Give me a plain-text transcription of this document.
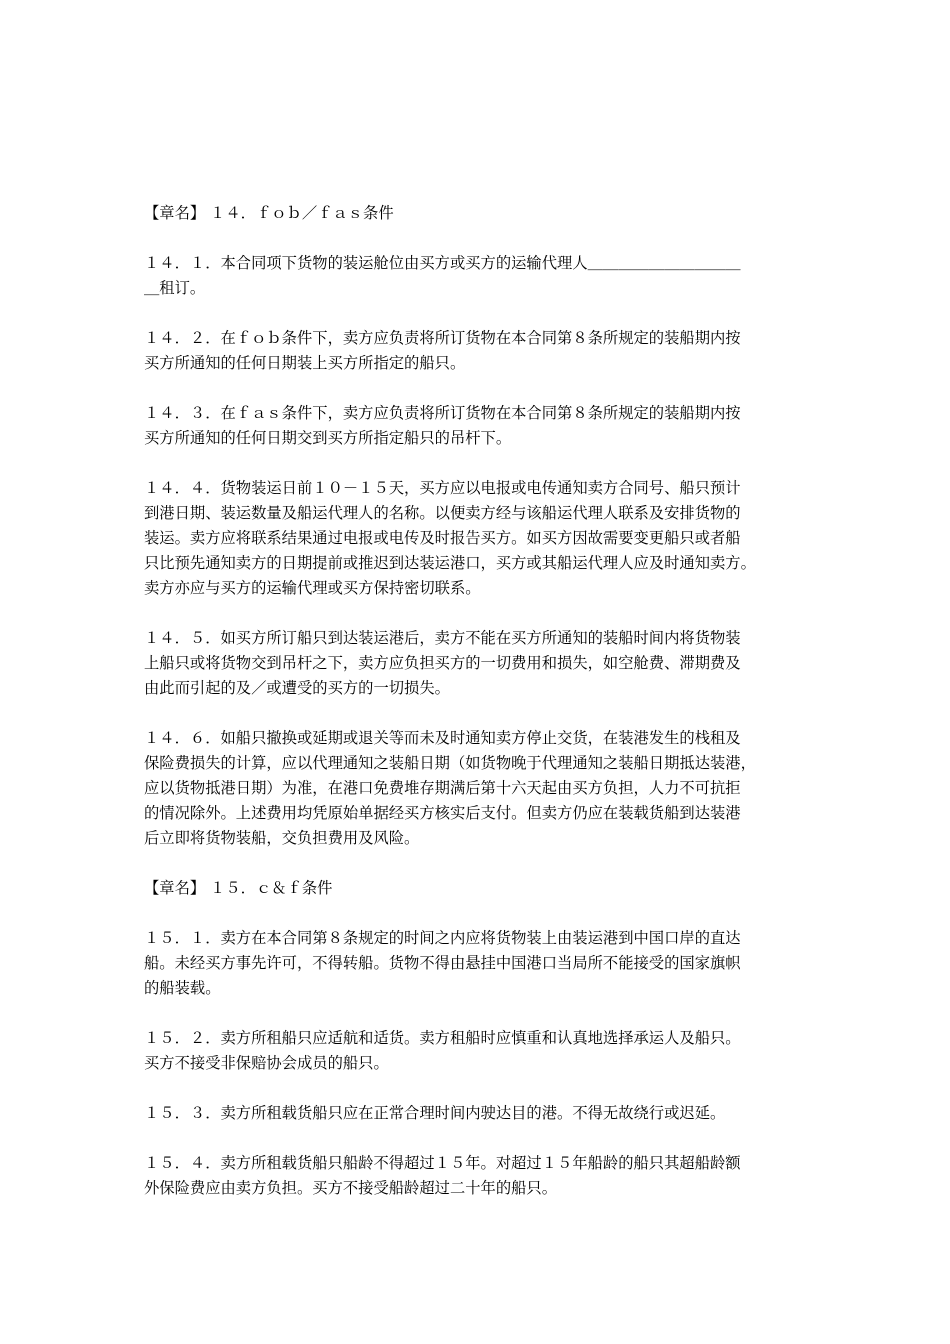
【章名】 １４．ｆｏｂ／ｆａｓ条件
１４．１．本合同项下货物的装运舱位由买方或买方的运输代理人＿＿＿＿＿＿＿＿＿＿
＿租订。
１４．２．在ｆｏｂ条件下，卖方应负责将所订货物在本合同第８条所规定的装船期内按
买方所通知的任何日期装上买方所指定的船只。
１４．３．在ｆａｓ条件下，卖方应负责将所订货物在本合同第８条所规定的装船期内按
买方所通知的任何日期交到买方所指定船只的吊杆下。
１４．４．货物装运日前１０－１５天，买方应以电报或电传通知卖方合同号、船只预计
到港日期、装运数量及船运代理人的名称。以便卖方经与该船运代理人联系及安排货物的
装运。卖方应将联系结果通过电报或电传及时报告买方。如买方因故需要变更船只或者船
只比预先通知卖方的日期提前或推迟到达装运港口，买方或其船运代理人应及时通知卖方。
卖方亦应与买方的运输代理或买方保持密切联系。
１４．５．如买方所订船只到达装运港后，卖方不能在买方所通知的装船时间内将货物装
上船只或将货物交到吊杆之下，卖方应负担买方的一切费用和损失，如空舱费、滞期费及
由此而引起的及／或遭受的买方的一切损失。
１４．６．如船只撤换或延期或退关等而未及时通知卖方停止交货，在装港发生的栈租及
保险费损失的计算，应以代理通知之装船日期（如货物晚于代理通知之装船日期抵达装港，
应以货物抵港日期）为准，在港口免费堆存期满后第十六天起由买方负担，人力不可抗拒
的情况除外。上述费用均凭原始单据经买方核实后支付。但卖方仍应在装载货船到达装港
后立即将货物装船，交负担费用及风险。
【章名】 １５．ｃ＆ｆ条件
１５．１．卖方在本合同第８条规定的时间之内应将货物装上由装运港到中国口岸的直达
船。未经买方事先许可，不得转船。货物不得由悬挂中国港口当局所不能接受的国家旗帜
的船装载。
１５．２．卖方所租船只应适航和适货。卖方租船时应慎重和认真地选择承运人及船只。
买方不接受非保赔协会成员的船只。
１５．３．卖方所租载货船只应在正常合理时间内驶达目的港。不得无故绕行或迟延。
１５．４．卖方所租载货船只船龄不得超过１５年。对超过１５年船龄的船只其超船龄额
外保险费应由卖方负担。买方不接受船龄超过二十年的船只。
